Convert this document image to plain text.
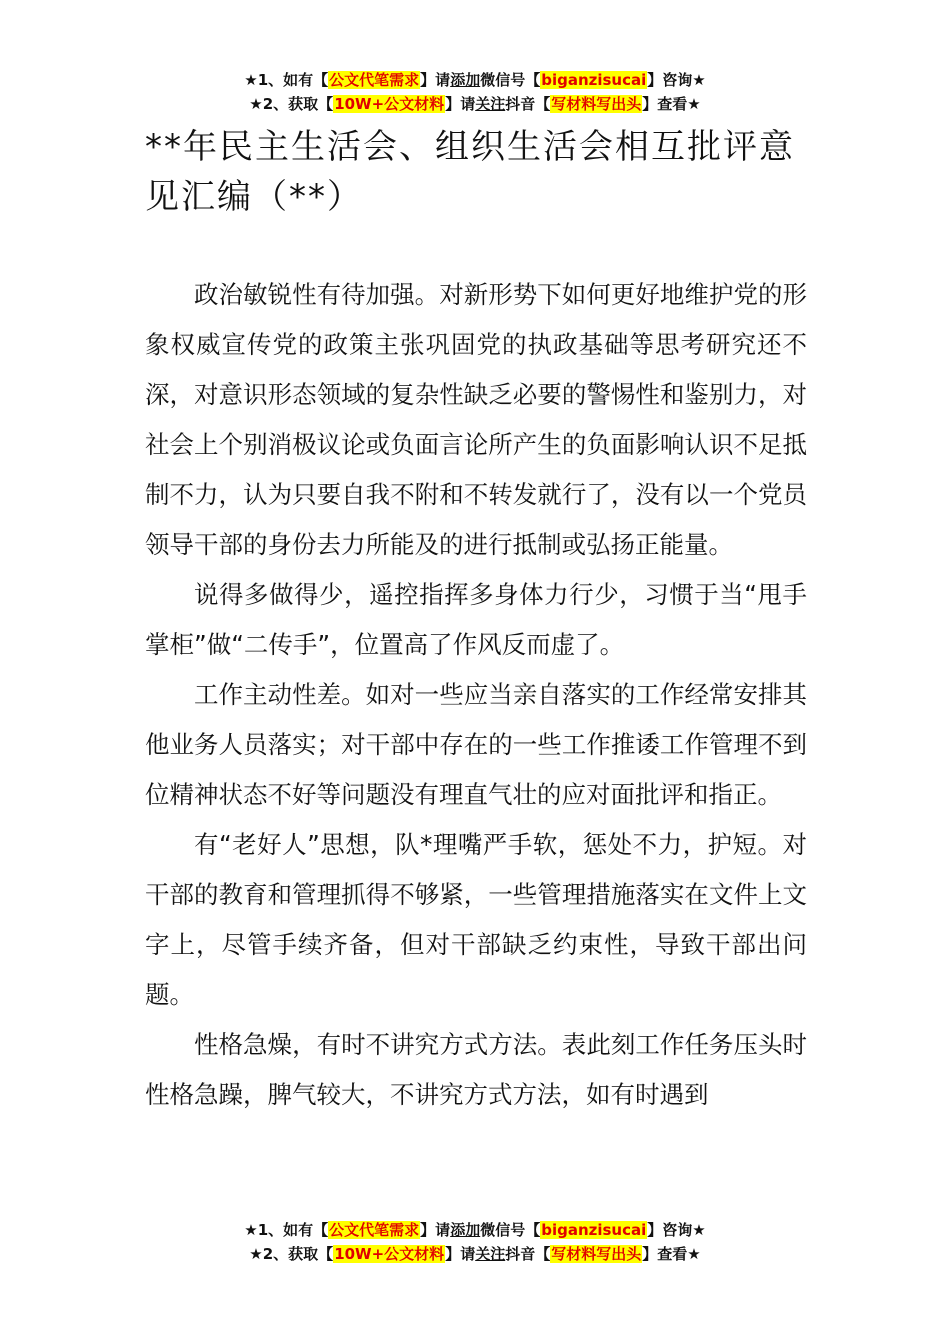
★1、如有【公文代笔需求】请添加微信号【biganzisucai】咨询★
★2、获取【10W+公文材料】请关注抖音【写材料写出头】查看★
**年民主生活会、组织生活会相互批评意见汇编（**）

政治敏锐性有待加强。对新形势下如何更好地维护党的形象权威宣传党的政策主张巩固党的执政基础等思考研究还不深，对意识形态领域的复杂性缺乏必要的警惕性和鉴别力，对社会上个别消极议论或负面言论所产生的负面影响认识不足抵制不力，认为只要自我不附和不转发就行了，没有以一个党员领导干部的身份去力所能及的进行抵制或弘扬正能量。

说得多做得少，遥控指挥多身体力行少，习惯于当“甩手掌柜”做“二传手”，位置高了作风反而虚了。

工作主动性差。如对一些应当亲自落实的工作经常安排其他业务人员落实；对干部中存在的一些工作推诿工作管理不到位精神状态不好等问题没有理直气壮的应对面批评和指正。

有“老好人”思想，队*理嘴严手软，惩处不力，护短。对干部的教育和管理抓得不够紧，一些管理措施落实在文件上文字上，尽管手续齐备，但对干部缺乏约束性，导致干部出问题。

性格急燥，有时不讲究方式方法。表此刻工作任务压头时性格急躁，脾气较大，不讲究方式方法，如有时遇到

★1、如有【公文代笔需求】请添加微信号【biganzisucai】咨询★
★2、获取【10W+公文材料】请关注抖音【写材料写出头】查看★
